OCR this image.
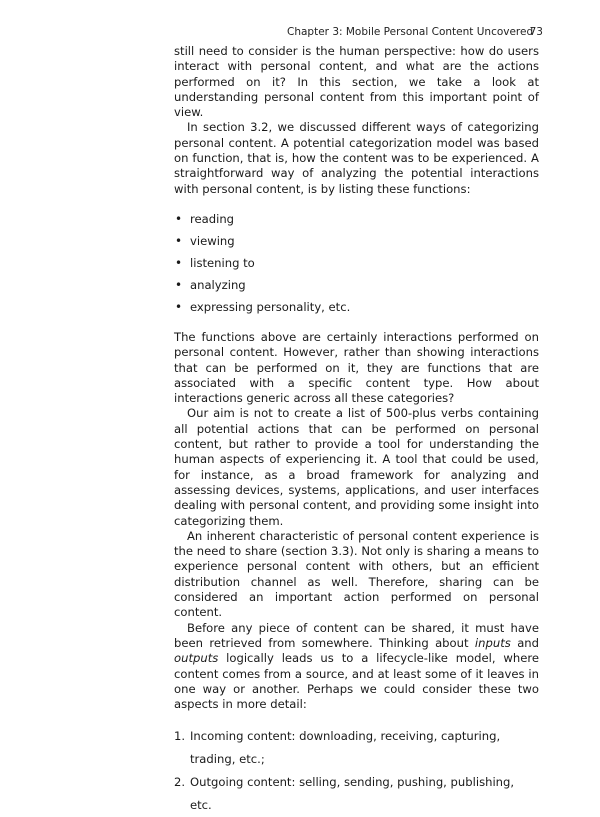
Chapter 3: Mobile Personal Content Uncovered
73

still need to consider is the human perspective: how do users interact with personal content, and what are the actions performed on it? In this section, we take a look at understanding personal content from this important point of view.

In section 3.2, we discussed different ways of categorizing personal content. A potential categorization model was based on function, that is, how the content was to be experienced. A straightforward way of analyzing the potential interactions with personal content, is by listing these functions:

• reading
• viewing
• listening to
• analyzing
• expressing personality, etc.

The functions above are certainly interactions performed on personal content. However, rather than showing interactions that can be performed on it, they are functions that are associated with a specific content type. How about interactions generic across all these categories?

Our aim is not to create a list of 500-plus verbs containing all potential actions that can be performed on personal content, but rather to provide a tool for understanding the human aspects of experiencing it. A tool that could be used, for instance, as a broad framework for analyzing and assessing devices, systems, applications, and user interfaces dealing with personal content, and providing some insight into categorizing them.

An inherent characteristic of personal content experience is the need to share (section 3.3). Not only is sharing a means to experience personal content with others, but an efficient distribution channel as well. Therefore, sharing can be considered an important action performed on personal content.

Before any piece of content can be shared, it must have been retrieved from somewhere. Thinking about inputs and outputs logically leads us to a lifecycle-like model, where content comes from a source, and at least some of it leaves in one way or another. Perhaps we could consider these two aspects in more detail:

1. Incoming content: downloading, receiving, capturing, trading, etc.;
2. Outgoing content: selling, sending, pushing, publishing, etc.
